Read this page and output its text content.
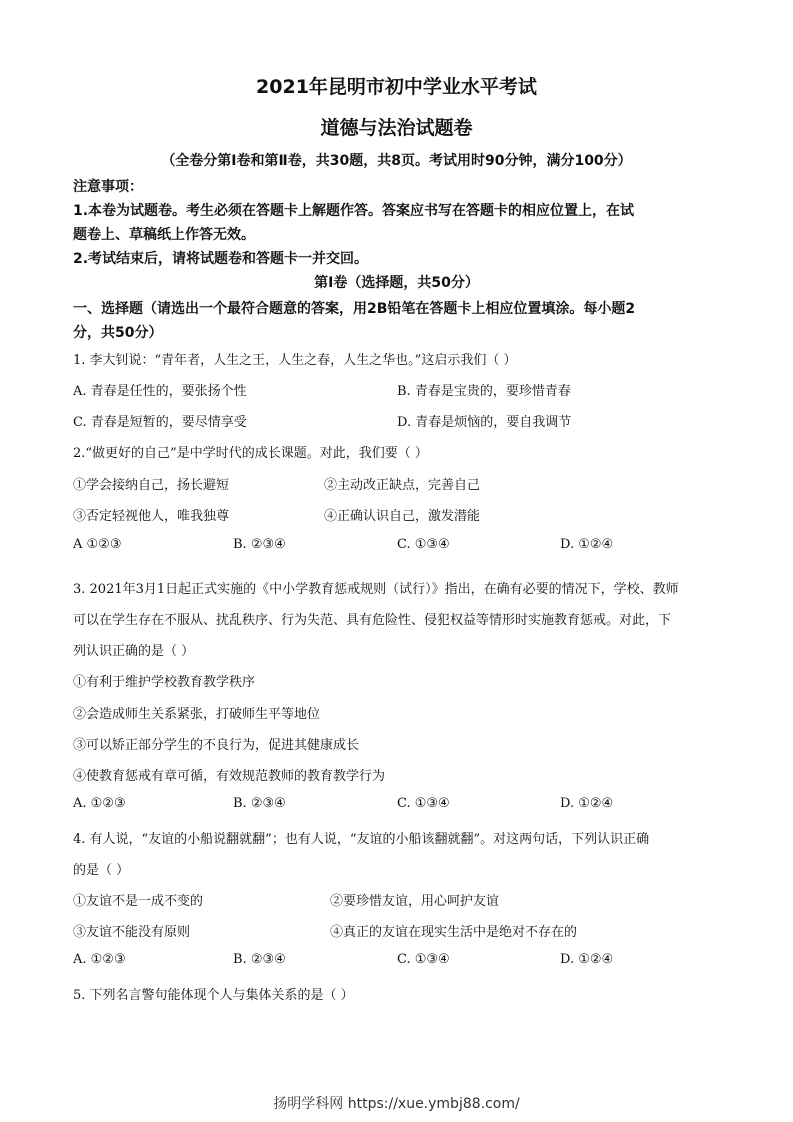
2021年昆明市初中学业水平考试
道德与法治试题卷
（全卷分第Ⅰ卷和第Ⅱ卷，共30题，共8页。考试用时90分钟，满分100分）
注意事项：
1.本卷为试题卷。考生必须在答题卡上解题作答。答案应书写在答题卡的相应位置上，在试
题卷上、草稿纸上作答无效。
2.考试结束后，请将试题卷和答题卡一并交回。
第Ⅰ卷（选择题，共50分）
一、选择题（请选出一个最符合题意的答案，用2B铅笔在答题卡上相应位置填涂。每小题2
分，共50分）
1. 李大钊说：“青年者，人生之王，人生之春，人生之华也。”这启示我们（ ）
A. 青春是任性的，要张扬个性	B. 青春是宝贵的，要珍惜青春
C. 青春是短暂的，要尽情享受	D. 青春是烦恼的，要自我调节
2.“做更好的自己”是中学时代的成长课题。对此，我们要（ ）
①学会接纳自己，扬长避短	②主动改正缺点，完善自己
③否定轻视他人，唯我独尊	④正确认识自己，激发潜能
A ①②③	B. ②③④	C. ①③④	D. ①②④
3. 2021年3月1日起正式实施的《中小学教育惩戒规则（试行）》指出，在确有必要的情况下，学校、教师
可以在学生存在不服从、扰乱秩序、行为失范、具有危险性、侵犯权益等情形时实施教育惩戒。对此，下
列认识正确的是（ ）
①有利于维护学校教育教学秩序
②会造成师生关系紧张，打破师生平等地位
③可以矫正部分学生的不良行为，促进其健康成长
④使教育惩戒有章可循，有效规范教师的教育教学行为
A. ①②③	B. ②③④	C. ①③④	D. ①②④
4. 有人说，“友谊的小船说翻就翻”；也有人说，“友谊的小船该翻就翻”。对这两句话，下列认识正确
的是（ ）
①友谊不是一成不变的	②要珍惜友谊，用心呵护友谊
③友谊不能没有原则	④真正的友谊在现实生活中是绝对不存在的
A. ①②③	B. ②③④	C. ①③④	D. ①②④
5. 下列名言警句能体现个人与集体关系的是（ ）
扬明学科网 https://xue.ymbj88.com/
